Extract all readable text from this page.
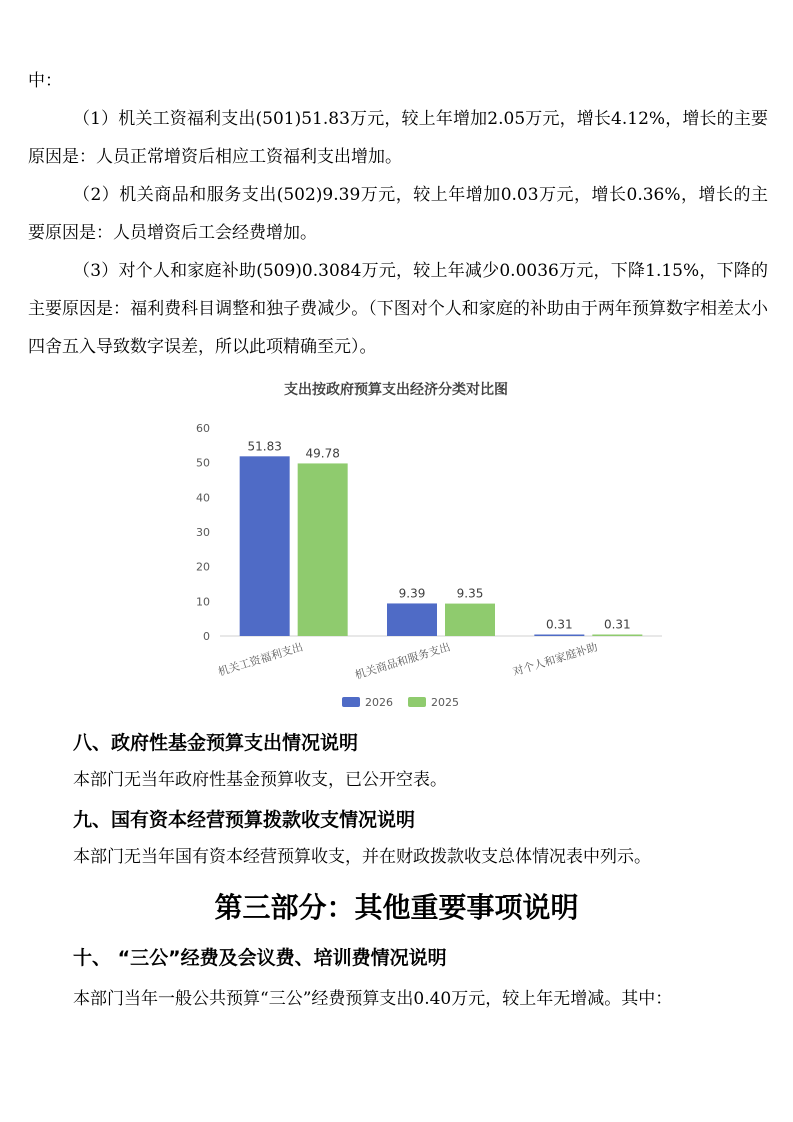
中：

（1）机关工资福利支出(501)51.83万元，较上年增加2.05万元，增长4.12%，增长的主要原因是：人员正常增资后相应工资福利支出增加。

（2）机关商品和服务支出(502)9.39万元，较上年增加0.03万元，增长0.36%，增长的主要原因是：人员增资后工会经费增加。

（3）对个人和家庭补助(509)0.3084万元，较上年减少0.0036万元，下降1.15%，下降的主要原因是：福利费科目调整和独子费减少。（下图对个人和家庭的补助由于两年预算数字相差太小四舍五入导致数字误差，所以此项精确至元）。

支出按政府预算支出经济分类对比图
0
10
20
30
40
50
60
51.83
49.78
机关工资福利支出
9.39	9.35
机关商品和服务支出
0.31	0.31
对个人和家庭补助
2026	2025

八、政府性基金预算支出情况说明

本部门无当年政府性基金预算收支，已公开空表。

九、国有资本经营预算拨款收支情况说明

本部门无当年国有资本经营预算收支，并在财政拨款收支总体情况表中列示。

第三部分：其他重要事项说明

十、 “三公”经费及会议费、培训费情况说明

本部门当年一般公共预算“三公”经费预算支出0.40万元，较上年无增减。其中：
